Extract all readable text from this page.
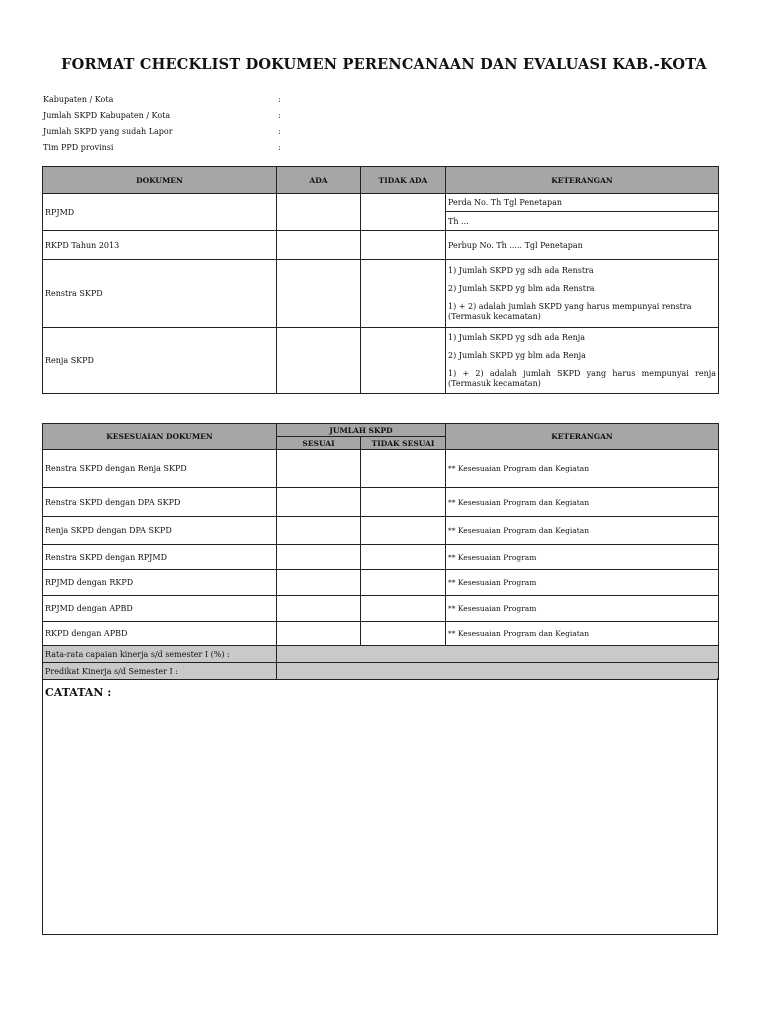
FORMAT CHECKLIST DOKUMEN PERENCANAAN DAN EVALUASI KAB.-KOTA
Kabupaten / Kota	:
Jumlah SKPD Kabupaten / Kota	:
Jumlah SKPD yang sudah Lapor	:
Tim PPD provinsi	:
DOKUMEN	ADA	TIDAK ADA	KETERANGAN
RPJMD			Perda No. Th Tgl Penetapan
			Th ...
RKPD Tahun 2013			Perbup No. Th ..... Tgl Penetapan
Renstra SKPD			1) Jumlah SKPD yg sdh ada Renstra

2) Jumlah SKPD yg blm ada Renstra

1) + 2) adalah jumlah SKPD yang harus mempunyai renstra (Termasuk kecamatan)

Renja SKPD			1) Jumlah SKPD yg sdh ada Renja

2) Jumlah SKPD yg blm ada Renja

1) + 2) adalah jumlah SKPD yang harus mempunyai renja (Termasuk kecamatan)

KESESUAIAN DOKUMEN	JUMLAH SKPD		KETERANGAN
	SESUAI	TIDAK SESUAI	
Renstra SKPD dengan Renja SKPD			** Kesesuaian Program dan Kegiatan
Renstra SKPD dengan DPA SKPD			** Kesesuaian Program dan Kegiatan
Renja SKPD dengan DPA SKPD			** Kesesuaian Program dan Kegiatan
Renstra SKPD dengan RPJMD			** Kesesuaian Program
RPJMD dengan RKPD			** Kesesuaian Program
RPJMD dengan APBD			** Kesesuaian Program
RKPD dengan APBD			** Kesesuaian Program dan Kegiatan
Rata-rata capaian kinerja s/d semester I (%) :			
Predikat Kinerja s/d Semester I :			
CATATAN :
